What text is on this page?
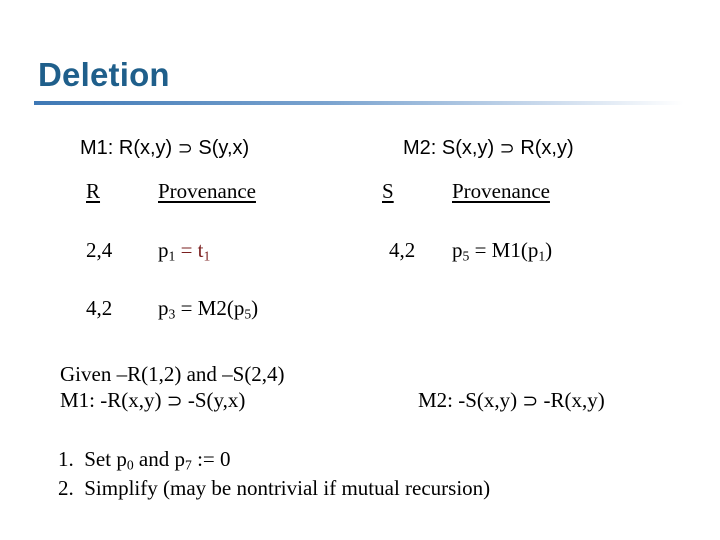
Deletion
M1: R(x,y) ⊃ S(y,x)	M2: S(x,y) ⊃ R(x,y)
R	Provenance
2,4 $p_1 = t_1$
4,2 $p_3 = M2(p_5)$
S	Provenance
4,2 $p_5 = M1(p_1)$
Given –R(1,2) and –S(2,4)
M1: -R(x,y) ⊃ -S(y,x)	M2: -S(x,y) ⊃ -R(x,y)
1. Set $p_0$ and $p_7$ := 0
2. Simplify (may be nontrivial if mutual recursion)
